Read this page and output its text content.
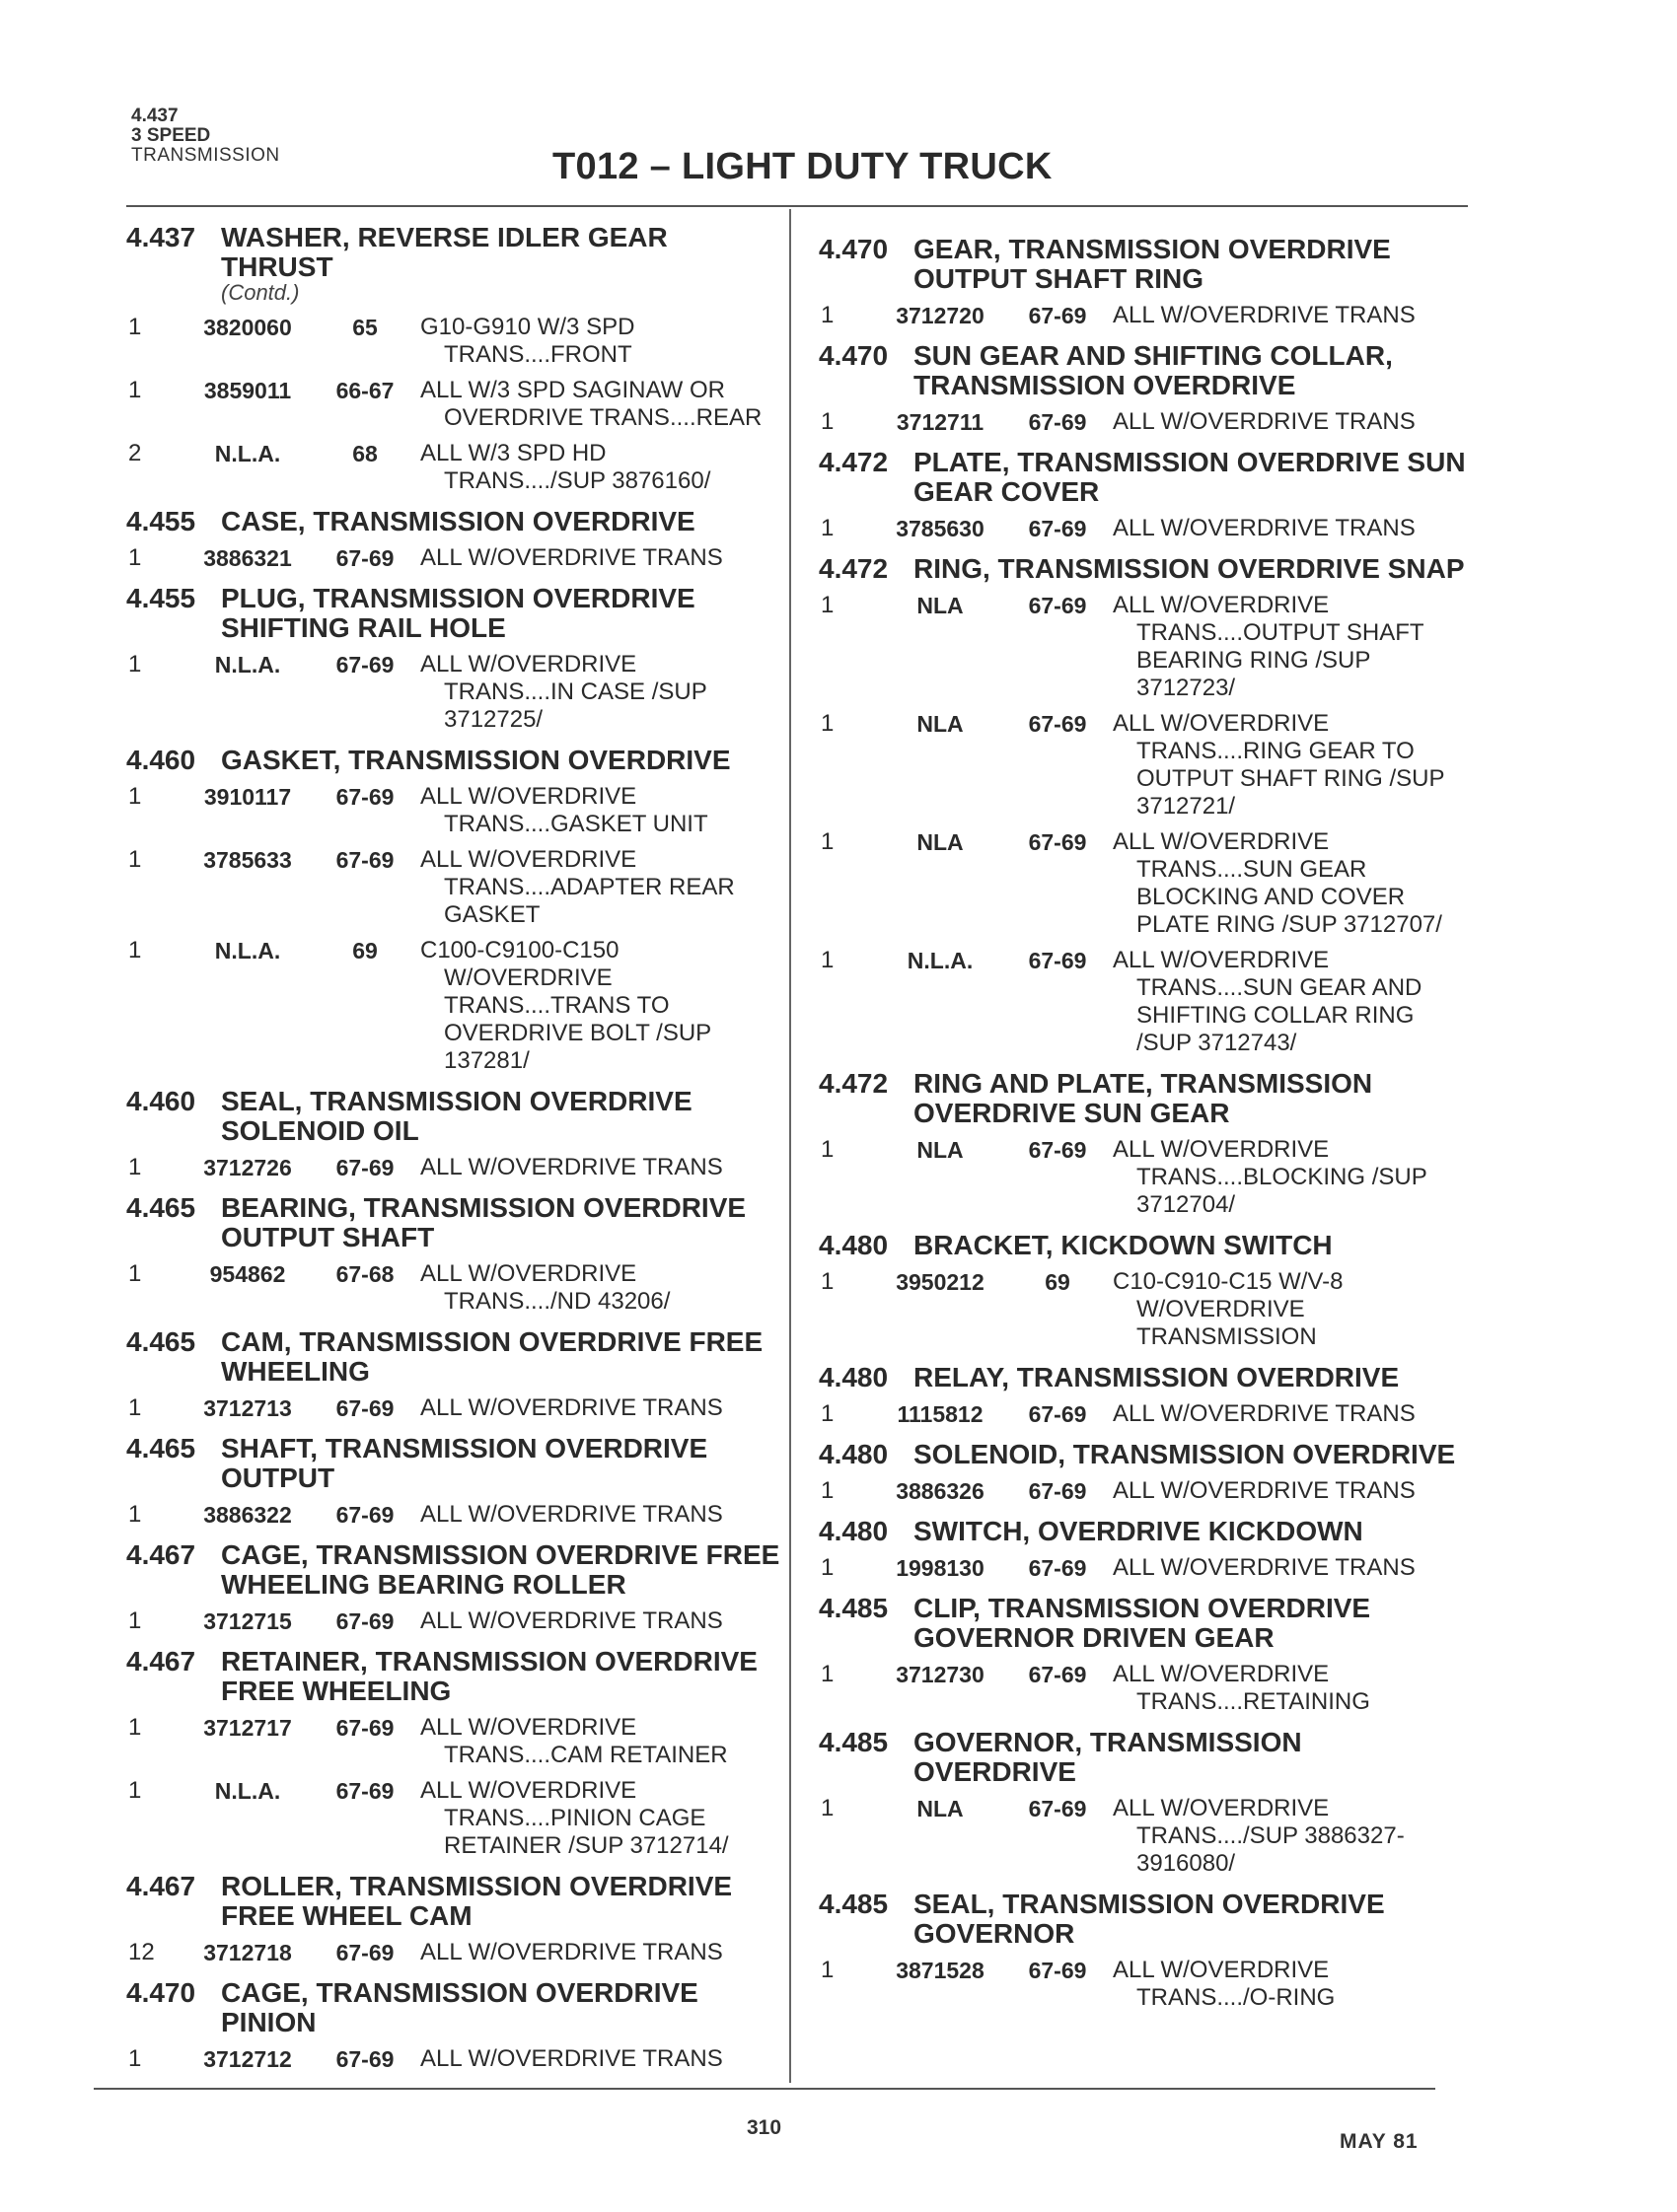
4.437
3 SPEED
TRANSMISSION	T012 – LIGHT DUTY TRUCK
4.437 WASHER, REVERSE IDLER GEAR THRUST
(Contd.)
1	3820060	65	G10-G910 W/3 SPD
TRANS....FRONT
1	3859011	66-67	ALL W/3 SPD SAGINAW OR
OVERDRIVE TRANS....REAR
2	N.L.A.	68	ALL W/3 SPD HD
TRANS..../SUP 3876160/
4.455 CASE, TRANSMISSION OVERDRIVE
1	3886321	67-69	ALL W/OVERDRIVE TRANS
4.455 PLUG, TRANSMISSION OVERDRIVE SHIFTING RAIL HOLE
1	N.L.A.	67-69	ALL W/OVERDRIVE
TRANS....IN CASE /SUP
3712725/
4.460 GASKET, TRANSMISSION OVERDRIVE
1	3910117	67-69	ALL W/OVERDRIVE
TRANS....GASKET UNIT
1	3785633	67-69	ALL W/OVERDRIVE
TRANS....ADAPTER REAR
GASKET
1	N.L.A.	69	C100-C9100-C150
W/OVERDRIVE
TRANS....TRANS TO
OVERDRIVE BOLT /SUP
137281/
4.460 SEAL, TRANSMISSION OVERDRIVE SOLENOID OIL
1	3712726	67-69	ALL W/OVERDRIVE TRANS
4.465 BEARING, TRANSMISSION OVERDRIVE OUTPUT SHAFT
1	954862	67-68	ALL W/OVERDRIVE
TRANS..../ND 43206/
4.465 CAM, TRANSMISSION OVERDRIVE FREE WHEELING
1	3712713	67-69	ALL W/OVERDRIVE TRANS
4.465 SHAFT, TRANSMISSION OVERDRIVE OUTPUT
1	3886322	67-69	ALL W/OVERDRIVE TRANS
4.467 CAGE, TRANSMISSION OVERDRIVE FREE WHEELING BEARING ROLLER
1	3712715	67-69	ALL W/OVERDRIVE TRANS
4.467 RETAINER, TRANSMISSION OVERDRIVE FREE WHEELING
1	3712717	67-69	ALL W/OVERDRIVE
TRANS....CAM RETAINER
1	N.L.A.	67-69	ALL W/OVERDRIVE
TRANS....PINION CAGE
RETAINER /SUP 3712714/
4.467 ROLLER, TRANSMISSION OVERDRIVE FREE WHEEL CAM
12	3712718	67-69	ALL W/OVERDRIVE TRANS
4.470 CAGE, TRANSMISSION OVERDRIVE PINION
1	3712712	67-69	ALL W/OVERDRIVE TRANS
4.470 GEAR, TRANSMISSION OVERDRIVE OUTPUT SHAFT RING
1	3712720	67-69	ALL W/OVERDRIVE TRANS
4.470 SUN GEAR AND SHIFTING COLLAR, TRANSMISSION OVERDRIVE
1	3712711	67-69	ALL W/OVERDRIVE TRANS
4.472 PLATE, TRANSMISSION OVERDRIVE SUN GEAR COVER
1	3785630	67-69	ALL W/OVERDRIVE TRANS
4.472 RING, TRANSMISSION OVERDRIVE SNAP
1	NLA	67-69	ALL W/OVERDRIVE
TRANS....OUTPUT SHAFT
BEARING RING /SUP
3712723/
1	NLA	67-69	ALL W/OVERDRIVE
TRANS....RING GEAR TO
OUTPUT SHAFT RING /SUP
3712721/
1	NLA	67-69	ALL W/OVERDRIVE
TRANS....SUN GEAR
BLOCKING AND COVER
PLATE RING /SUP 3712707/
1	N.L.A.	67-69	ALL W/OVERDRIVE
TRANS....SUN GEAR AND
SHIFTING COLLAR RING
/SUP 3712743/
4.472 RING AND PLATE, TRANSMISSION OVERDRIVE SUN GEAR
1	NLA	67-69	ALL W/OVERDRIVE
TRANS....BLOCKING /SUP
3712704/
4.480 BRACKET, KICKDOWN SWITCH
1	3950212	69	C10-C910-C15 W/V-8
W/OVERDRIVE
TRANSMISSION
4.480 RELAY, TRANSMISSION OVERDRIVE
1	1115812	67-69	ALL W/OVERDRIVE TRANS
4.480 SOLENOID, TRANSMISSION OVERDRIVE
1	3886326	67-69	ALL W/OVERDRIVE TRANS
4.480 SWITCH, OVERDRIVE KICKDOWN
1	1998130	67-69	ALL W/OVERDRIVE TRANS
4.485 CLIP, TRANSMISSION OVERDRIVE GOVERNOR DRIVEN GEAR
1	3712730	67-69	ALL W/OVERDRIVE
TRANS....RETAINING
4.485 GOVERNOR, TRANSMISSION OVERDRIVE
1	NLA	67-69	ALL W/OVERDRIVE
TRANS..../SUP 3886327-
3916080/
4.485 SEAL, TRANSMISSION OVERDRIVE GOVERNOR
1	3871528	67-69	ALL W/OVERDRIVE
TRANS..../O-RING
310
MAY 81
